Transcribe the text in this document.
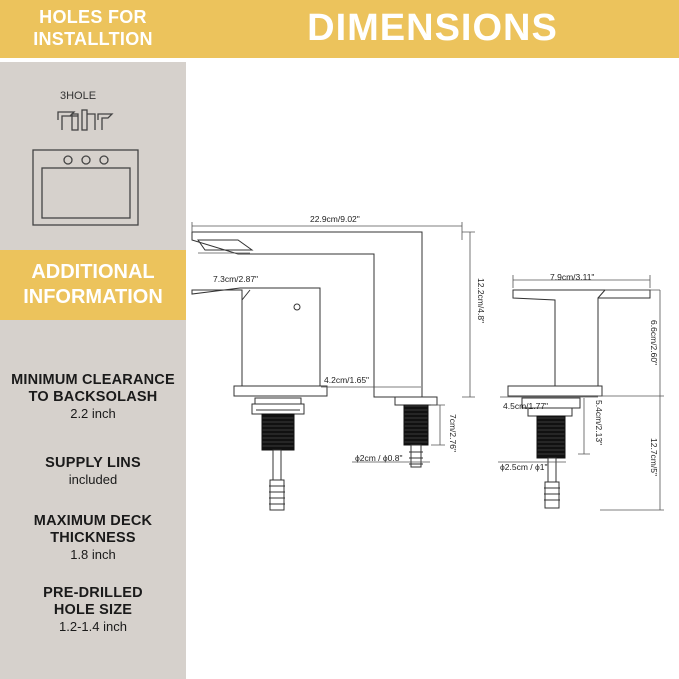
HOLES FOR
INSTALLTION	DIMENSIONS
3HOLE
ADDITIONAL
INFORMATION
MINIMUM CLEARANCE
TO BACKSOLASH
2.2 inch
SUPPLY LINS
included
MAXIMUM DECK
THICKNESS
1.8 inch
PRE-DRILLED
HOLE SIZE
1.2-1.4 inch
22.9cm/9.02"
7.3cm/2.87"	12.2cm/4.8"
4.2cm/1.65"
7cm/2.76"
ϕ2cm / ϕ0.8"
7.9cm/3.11"
6.6cm/2.60"
4.5cm/1.77"	5.4cm/2.13"
12.7cm/5"
ϕ2.5cm / ϕ1"
